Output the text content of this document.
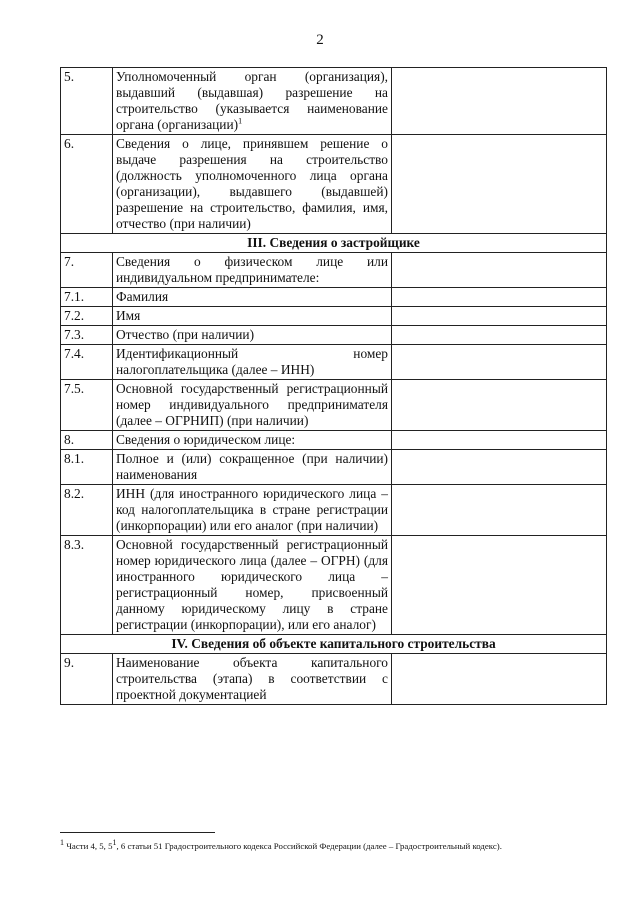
2
5.	Уполномоченный орган (организация), выдавший (выдавшая) разрешение на строительство (указывается наименование органа (организации)$^1$	
6.	Сведения о лице, принявшем решение о выдаче разрешения на строительство (должность уполномоченного лица органа (организации), выдавшего (выдавшей) разрешение на строительство, фамилия, имя, отчество (при наличии)	
III. Сведения о застройщике		
7.	Сведения о физическом лице или индивидуальном предпринимателе:	
7.1.	Фамилия	
7.2.	Имя	
7.3.	Отчество (при наличии)	
7.4.	Идентификационный номер налогоплательщика (далее – ИНН)	
7.5.	Основной государственный регистрационный номер индивидуального предпринимателя (далее – ОГРНИП) (при наличии)	
8.	Сведения о юридическом лице:	
8.1.	Полное и (или) сокращенное (при наличии) наименования	
8.2.	ИНН (для иностранного юридического лица – код налогоплательщика в стране регистрации (инкорпорации) или его аналог (при наличии)	
8.3.	Основной государственный регистрационный номер юридического лица (далее – ОГРН) (для иностранного юридического лица – регистрационный номер, присвоенный данному юридическому лицу в стране регистрации (инкорпорации), или его аналог)	
IV. Сведения об объекте капитального строительства		
9.	Наименование объекта капитального строительства (этапа) в соответствии с проектной документацией	
$^1$ Части 4, 5, $5^1$, 6 статьи 51 Градостроительного кодекса Российской Федерации (далее – Градостроительный кодекс).
